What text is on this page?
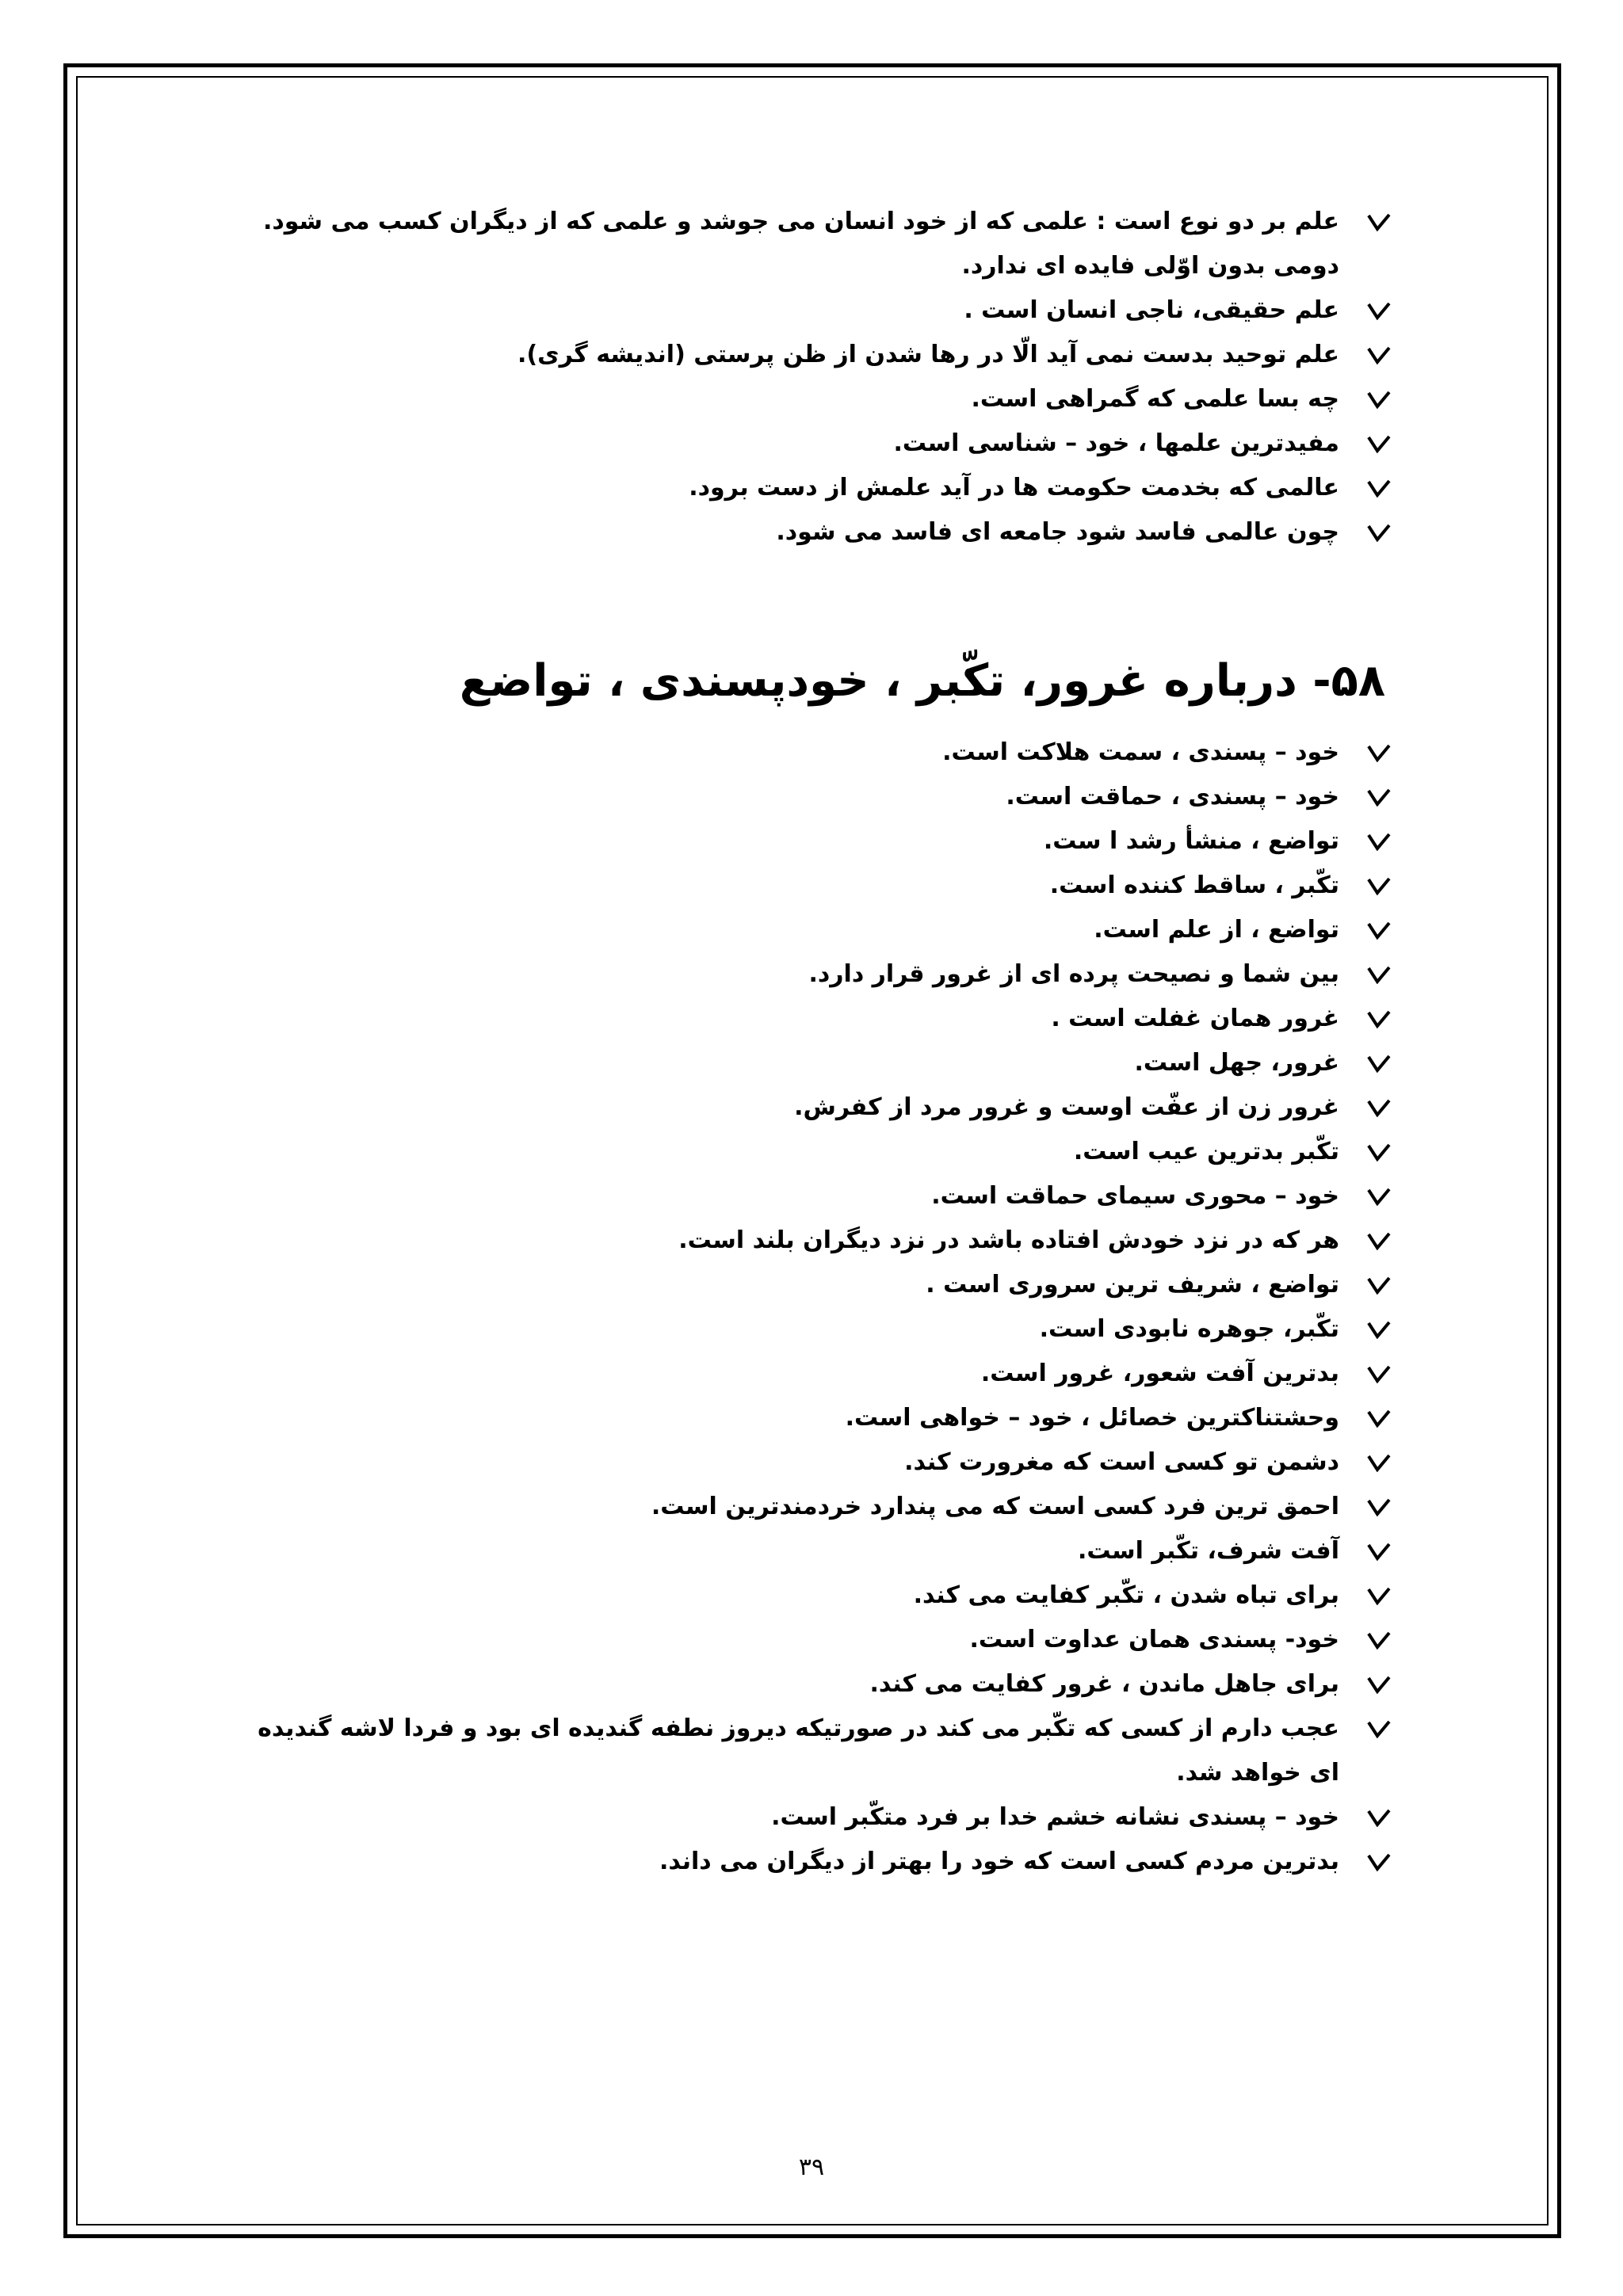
علم بر دو نوع است : علمی که از خود انسان می جوشد و علمی که از دیگران کسب می شود. دومی بدون اوّلی فایده ای ندارد.
علم حقیقی، ناجی انسان است .
علم توحید بدست نمی آید الّا در رها شدن از ظن پرستی (اندیشه گری).
چه بسا علمی که گمراهی است.
مفیدترین علمها ، خود – شناسی است.
عالمی که بخدمت حکومت ها در آید علمش از دست برود.
چون عالمی فاسد شود جامعه ای فاسد می شود.
۵۸- درباره غرور، تکّبر ، خودپسندی ، تواضع
خود – پسندی ، سمت هلاکت است.
خود – پسندی ، حماقت است.
تواضع ، منشأ رشد ا ست.
تکّبر ، ساقط کننده است.
تواضع ، از علم است.
بین شما و نصیحت پرده ای از غرور قرار دارد.
غرور همان غفلت است .
غرور، جهل است.
غرور زن از عفّت اوست و غرور مرد از کفرش.
تکّبر بدترین عیب است.
خود – محوری سیمای حماقت است.
هر که در نزد خودش افتاده باشد در نزد دیگران بلند است.
تواضع ، شریف ترین سروری است .
تکّبر، جوهره نابودی است.
بدترین آفت شعور، غرور است.
وحشتناکترین خصائل ، خود – خواهی است.
دشمن تو کسی است که مغرورت کند.
احمق ترین فرد کسی است که می پندارد خردمندترین است.
آفت شرف، تکّبر است.
برای تباه شدن ، تکّبر کفایت می کند.
خود- پسندی همان عداوت است.
برای جاهل ماندن ، غرور کفایت می کند.
عجب دارم از کسی که تکّبر می کند در صورتیکه دیروز نطفه گندیده ای بود و فردا لاشه گندیده ای خواهد شد.
خود – پسندی نشانه خشم خدا بر فرد متکّبر است.
بدترین مردم کسی است که خود را بهتر از دیگران می داند.
۳۹
